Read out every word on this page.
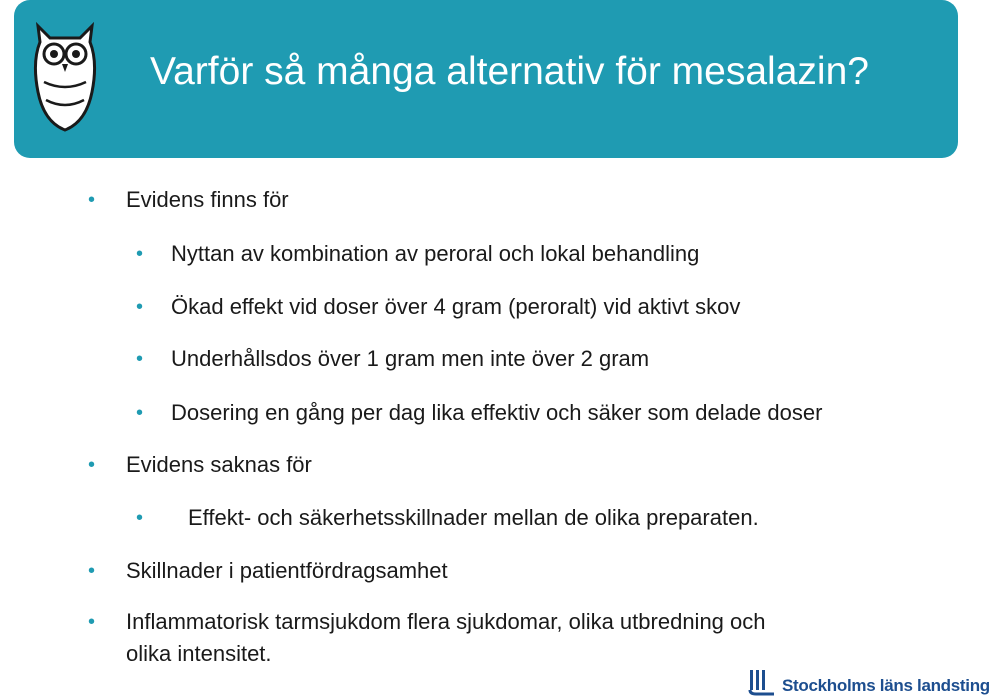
Varför så många alternativ för mesalazin?
• Evidens finns för
• Nyttan av kombination av peroral och lokal behandling
• Ökad effekt vid doser över 4 gram (peroralt) vid aktivt skov
• Underhållsdos över 1 gram men inte över 2 gram
• Dosering en gång per dag lika effektiv och säker som delade doser
• Evidens saknas för
• Effekt- och säkerhetsskillnader mellan de olika preparaten.
• Skillnader i patientfördragsamhet
• Inflammatorisk tarmsjukdom flera sjukdomar, olika utbredning och
olika intensitet.
Stockholms läns landsting
